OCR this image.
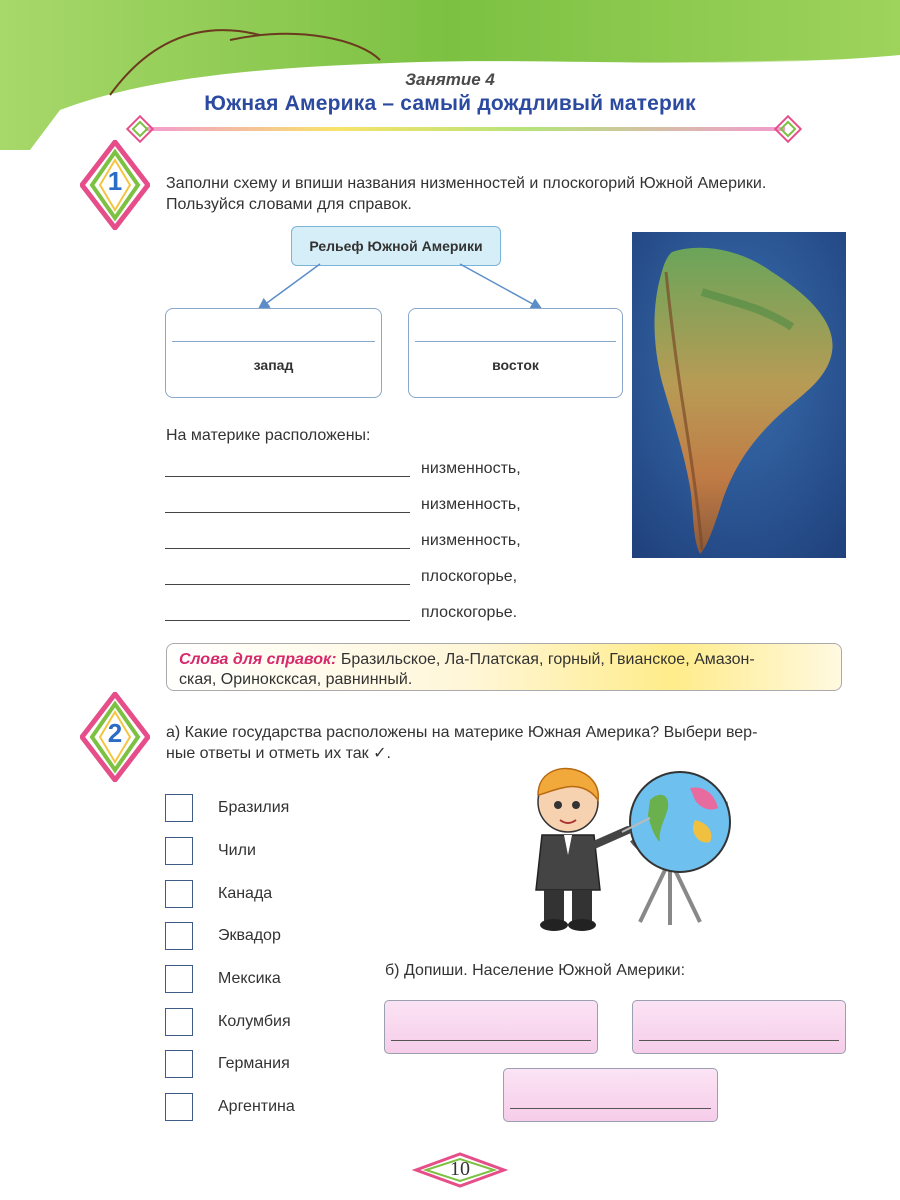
Занятие 4
Южная Америка – самый дождливый материк
1	Заполни схему и впиши названия низменностей и плоскогорий Южной Америки.
Пользуйся словами для справок.
Рельеф Южной Америки
запад	восток
На материке расположены:
низменность,
низменность,
низменность,
плоскогорье,
плоскогорье.
Слова для справок: Бразильское, Ла-Платская, горный, Гвианское, Амазон-
ская, Ориноксксая, равнинный.
2	а) Какие государства расположены на материке Южная Америка? Выбери вер-
ные ответы и отметь их так ✓.
Бразилия
Чили
Канада
Эквадор
Мексика
Колумбия
Германия
Аргентина
б) Допиши. Население Южной Америки:
10
